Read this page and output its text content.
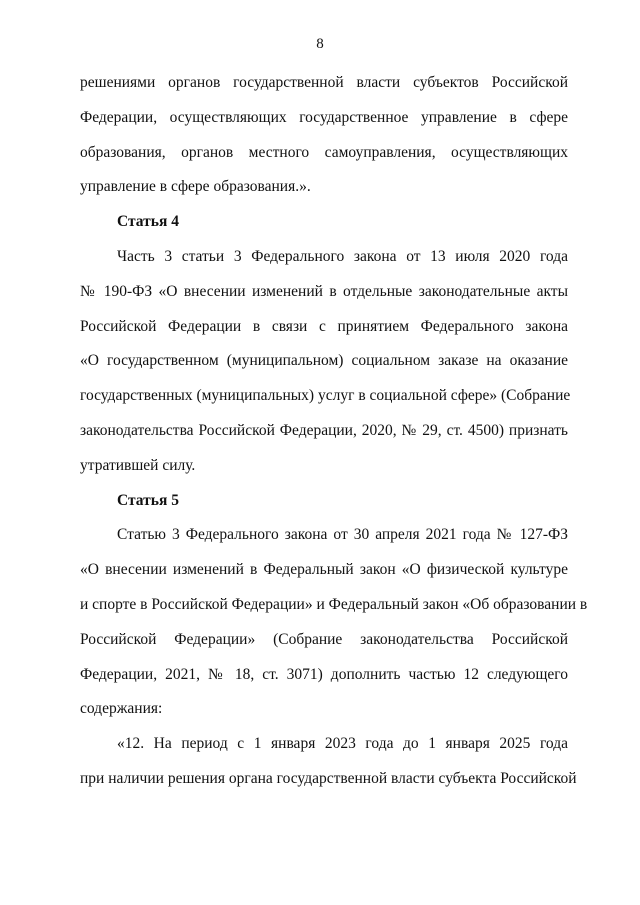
8
решениями органов государственной власти субъектов Российской
Федерации, осуществляющих государственное управление в сфере
образования, органов местного самоуправления, осуществляющих
управление в сфере образования.».
Статья 4
Часть 3 статьи 3 Федерального закона от 13 июля 2020 года
№ 190-ФЗ «О внесении изменений в отдельные законодательные акты
Российской Федерации в связи с принятием Федерального закона
«О государственном (муниципальном) социальном заказе на оказание
государственных (муниципальных) услуг в социальной сфере» (Собрание
законодательства Российской Федерации, 2020, № 29, ст. 4500) признать
утратившей силу.
Статья 5
Статью 3 Федерального закона от 30 апреля 2021 года № 127-ФЗ
«О внесении изменений в Федеральный закон «О физической культуре
и спорте в Российской Федерации» и Федеральный закон «Об образовании в
Российской Федерации» (Собрание законодательства Российской
Федерации, 2021, № 18, ст. 3071) дополнить частью 12 следующего
содержания:
«12. На период с 1 января 2023 года до 1 января 2025 года
при наличии решения органа государственной власти субъекта Российской
